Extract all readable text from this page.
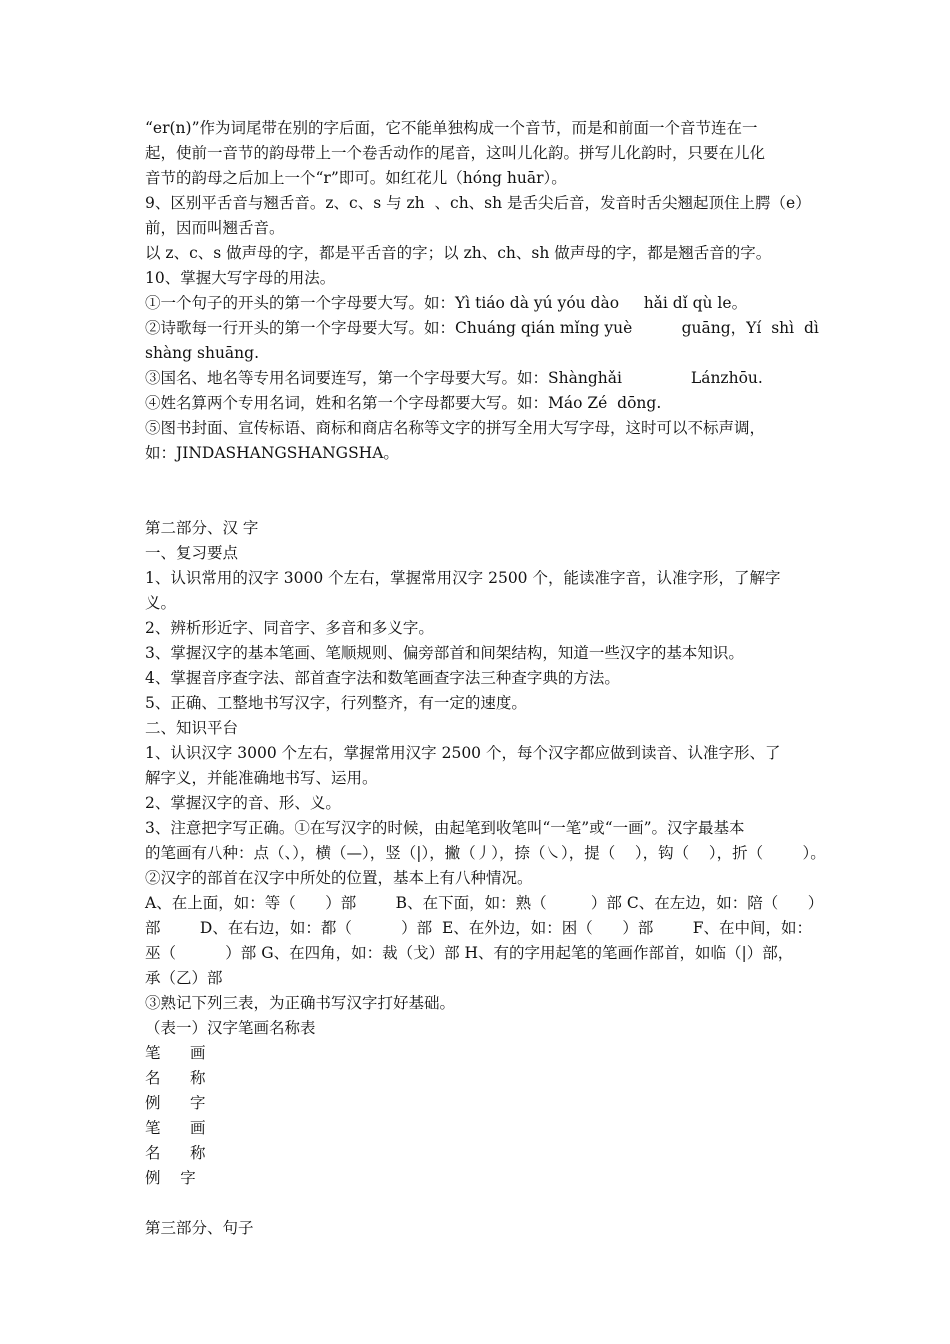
“er(n)”作为词尾带在别的字后面，它不能单独构成一个音节，而是和前面一个音节连在一
起，使前一音节的韵母带上一个卷舌动作的尾音，这叫儿化韵。拼写儿化韵时，只要在儿化
音节的韵母之后加上一个“r”即可。如红花儿（hóng huār）。
9、区别平舌音与翘舌音。z、c、s 与 zh  、ch、sh 是舌尖后音，发音时舌尖翘起顶住上腭（e）
前，因而叫翘舌音。
以 z、c、s 做声母的字，都是平舌音的字；以 zh、ch、sh 做声母的字，都是翘舌音的字。
10、掌握大写字母的用法。
①一个句子的开头的第一个字母要大写。如：Yì tiáo dà yú yóu dào     hǎi dǐ qù le。
②诗歌每一行开头的第一个字母要大写。如：Chuáng qián mǐng yuè          guāng，Yí  shì  dì
shàng shuāng.
③国名、地名等专用名词要连写，第一个字母要大写。如：Shànghǎi              Lánzhōu.
④姓名算两个专用名词，姓和名第一个字母都要大写。如：Máo Zé  dōng.
⑤图书封面、宣传标语、商标和商店名称等文字的拼写全用大写字母，这时可以不标声调，
如：JINDASHANGSHANGSHA。
第二部分、汉 字
一、复习要点
1、认识常用的汉字 3000 个左右，掌握常用汉字 2500 个，能读准字音，认准字形，了解字
义。
2、辨析形近字、同音字、多音和多义字。
3、掌握汉字的基本笔画、笔顺规则、偏旁部首和间架结构，知道一些汉字的基本知识。
4、掌握音序查字法、部首查字法和数笔画查字法三种查字典的方法。
5、正确、工整地书写汉字，行列整齐，有一定的速度。
二、知识平台
1、认识汉字 3000 个左右，掌握常用汉字 2500 个，每个汉字都应做到读音、认准字形、了
解字义，并能准确地书写、运用。
2、掌握汉字的音、形、义。
3、注意把字写正确。①在写汉字的时候，由起笔到收笔叫“一笔”或“一画”。汉字最基本
的笔画有八种：点（、），横（—），竖（|），撇（丿），捺（㇏），提（    ），钩（    ），折（        ）。
②汉字的部首在汉字中所处的位置，基本上有八种情况。
A、在上面，如：等（      ）部        B、在下面，如：熟（         ）部 C、在左边，如：陪（      ）
部        D、在右边，如：都（          ）部  E、在外边，如：困（      ）部        F、在中间，如：
巫（          ）部 G、在四角，如：裁（戈）部 H、有的字用起笔的笔画作部首，如临（|）部，
承（乙）部
③熟记下列三表，为正确书写汉字打好基础。
（表一）汉字笔画名称表
笔      画
名      称
例      字
笔      画
名      称
例    字
第三部分、句子
